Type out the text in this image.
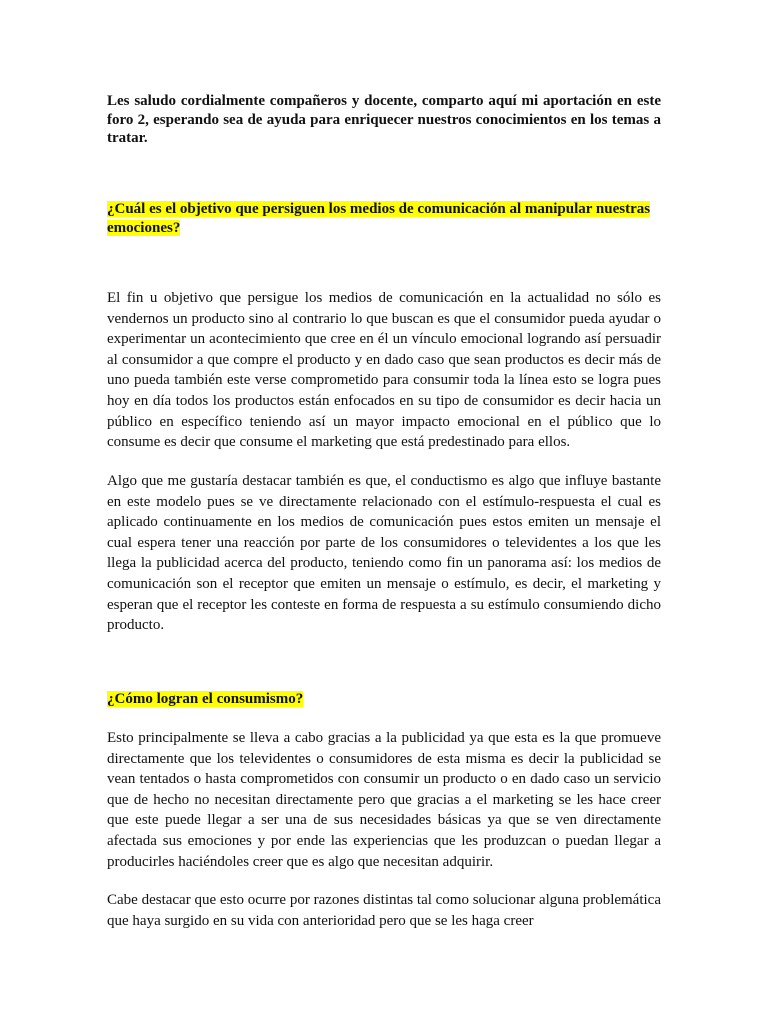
Les saludo cordialmente compañeros y docente, comparto aquí mi aportación en este foro 2, esperando sea de ayuda para enriquecer nuestros conocimientos en los temas a tratar.

¿Cuál es el objetivo que persiguen los medios de comunicación al manipular nuestras emociones?

El fin u objetivo que persigue los medios de comunicación en la actualidad no sólo es vendernos un producto sino al contrario lo que buscan es que el consumidor pueda ayudar o experimentar un acontecimiento que cree en él un vínculo emocional logrando así persuadir al consumidor a que compre el producto y en dado caso que sean productos es decir más de uno pueda también este verse comprometido para consumir toda la línea esto se logra pues hoy en día todos los productos están enfocados en su tipo de consumidor es decir hacia un público en específico teniendo así un mayor impacto emocional en el público que lo consume es decir que consume el marketing que está predestinado para ellos.

Algo que me gustaría destacar también es que, el conductismo es algo que influye bastante en este modelo pues se ve directamente relacionado con el estímulo-respuesta el cual es aplicado continuamente en los medios de comunicación pues estos emiten un mensaje el cual espera tener una reacción por parte de los consumidores o televidentes a los que les llega la publicidad acerca del producto, teniendo como fin un panorama así: los medios de comunicación son el receptor que emiten un mensaje o estímulo, es decir, el marketing y esperan que el receptor les conteste en forma de respuesta a su estímulo consumiendo dicho producto.

¿Cómo logran el consumismo?

Esto principalmente se lleva a cabo gracias a la publicidad ya que esta es la que promueve directamente que los televidentes o consumidores de esta misma es decir la publicidad se vean tentados o hasta comprometidos con consumir un producto o en dado caso un servicio que de hecho no necesitan directamente pero que gracias a el marketing se les hace creer que este puede llegar a ser una de sus necesidades básicas ya que se ven directamente afectada sus emociones y por ende las experiencias que les produzcan o puedan llegar a producirles haciéndoles creer que es algo que necesitan adquirir.

Cabe destacar que esto ocurre por razones distintas tal como solucionar alguna problemática que haya surgido en su vida con anterioridad pero que se les haga creer
